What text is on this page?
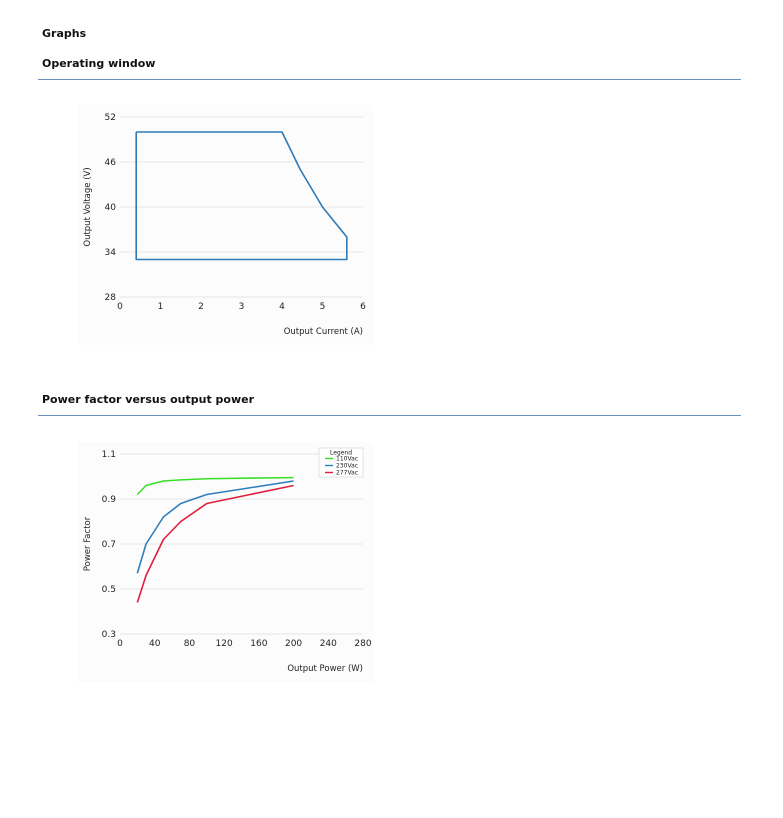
Graphs
Operating window
28
34
40
46
52
0	1	2	3	4	5	6
Output Current (A)
Output Voltage (V)
Power factor versus output power
0.3
0.5
0.7
0.9
1.1
0	40	80 120 160 200 240 280
Output Power (W)
Power Factor
Legend
110Vac
230Vac
277Vac
